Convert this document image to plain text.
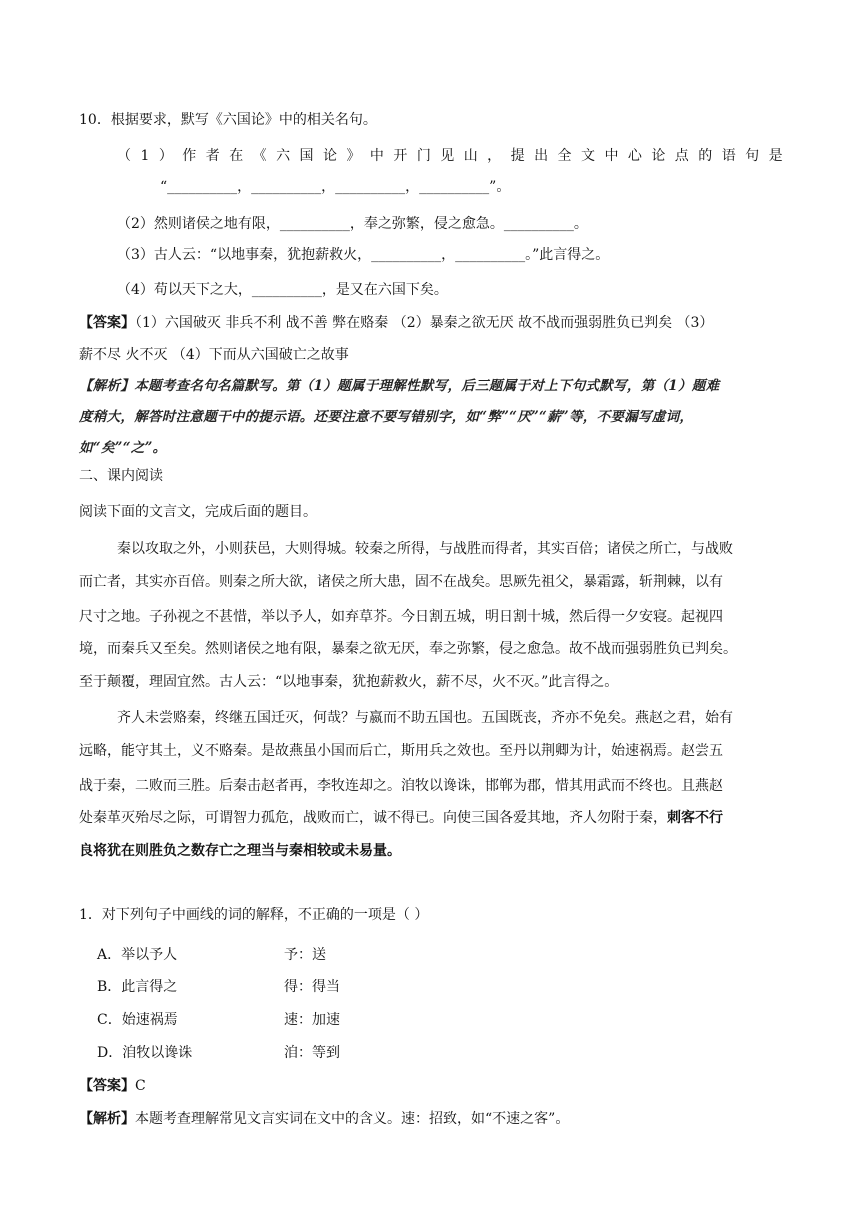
10．根据要求，默写《六国论》中的相关名句。
（ 1 ） 作 者 在 《 六 国 论 》 中 开 门 见 山 ， 提 出 全 文 中 心 论 点 的 语 句 是
“__________，__________，__________，__________”。
（2）然则诸侯之地有限，__________，奉之弥繁，侵之愈急。__________。
（3）古人云：“以地事秦，犹抱薪救火，__________，__________。”此言得之。
（4）苟以天下之大，__________，是又在六国下矣。
【答案】（1）六国破灭 非兵不利 战不善 弊在赂秦 （2）暴秦之欲无厌 故不战而强弱胜负已判矣 （3）
薪不尽 火不灭 （4）下而从六国破亡之故事
【解析】本题考查名句名篇默写。第（1）题属于理解性默写，后三题属于对上下句式默写，第（1）题难
度稍大，解答时注意题干中的提示语。还要注意不要写错别字，如“弊”“厌”“薪”等，不要漏写虚词，
如“矣”“之”。
二、课内阅读
阅读下面的文言文，完成后面的题目。
秦以攻取之外，小则获邑，大则得城。较秦之所得，与战胜而得者，其实百倍；诸侯之所亡，与战败
而亡者，其实亦百倍。则秦之所大欲，诸侯之所大患，固不在战矣。思厥先祖父，暴霜露，斩荆棘，以有
尺寸之地。子孙视之不甚惜，举以予人，如弃草芥。今日割五城，明日割十城，然后得一夕安寝。起视四
境，而秦兵又至矣。然则诸侯之地有限，暴秦之欲无厌，奉之弥繁，侵之愈急。故不战而强弱胜负已判矣。
至于颠覆，理固宜然。古人云：“以地事秦，犹抱薪救火，薪不尽，火不灭。”此言得之。
齐人未尝赂秦，终继五国迁灭，何哉？与嬴而不助五国也。五国既丧，齐亦不免矣。燕赵之君，始有
远略，能守其土，义不赂秦。是故燕虽小国而后亡，斯用兵之效也。至丹以荆卿为计，始速祸焉。赵尝五
战于秦，二败而三胜。后秦击赵者再，李牧连却之。洎牧以谗诛，邯郸为郡，惜其用武而不终也。且燕赵
处秦革灭殆尽之际，可谓智力孤危，战败而亡，诚不得已。向使三国各爱其地，齐人勿附于秦，刺客不行
良将犹在则胜负之数存亡之理当与秦相较或未易量。
1．对下列句子中画线的词的解释，不正确的一项是（ ）
A．举以予人	予：送
B．此言得之	得：得当
C．始速祸焉	速：加速
D．洎牧以谗诛	洎：等到
【答案】C
【解析】本题考查理解常见文言实词在文中的含义。速：招致，如“不速之客”。
